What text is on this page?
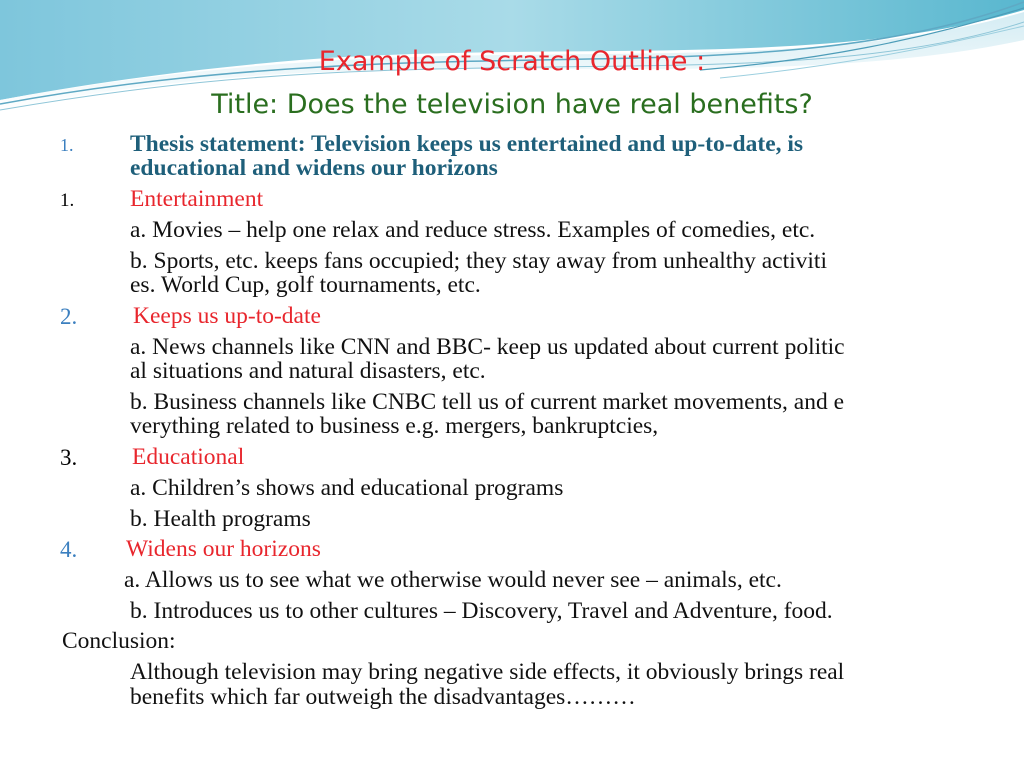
Example of Scratch Outline :
Title: Does the television have real benefits?
1. Thesis statement: Television keeps us entertained and up-to-date, is
educational and widens our horizons
1. Entertainment
a. Movies – help one relax and reduce stress. Examples of comedies, etc.
b. Sports, etc. keeps fans occupied; they stay away from unhealthy activiti
es. World Cup, golf tournaments, etc.
2. Keeps us up-to-date
a. News channels like CNN and BBC- keep us updated about current politic
al situations and natural disasters, etc.
b. Business channels like CNBC tell us of current market movements, and e
verything related to business e.g. mergers, bankruptcies,
3. Educational
a. Children’s shows and educational programs
b. Health programs
4. Widens our horizons
a. Allows us to see what we otherwise would never see – animals, etc.
b. Introduces us to other cultures – Discovery, Travel and Adventure, food.
Conclusion:
Although television may bring negative side effects, it obviously brings real
benefits which far outweigh the disadvantages………
